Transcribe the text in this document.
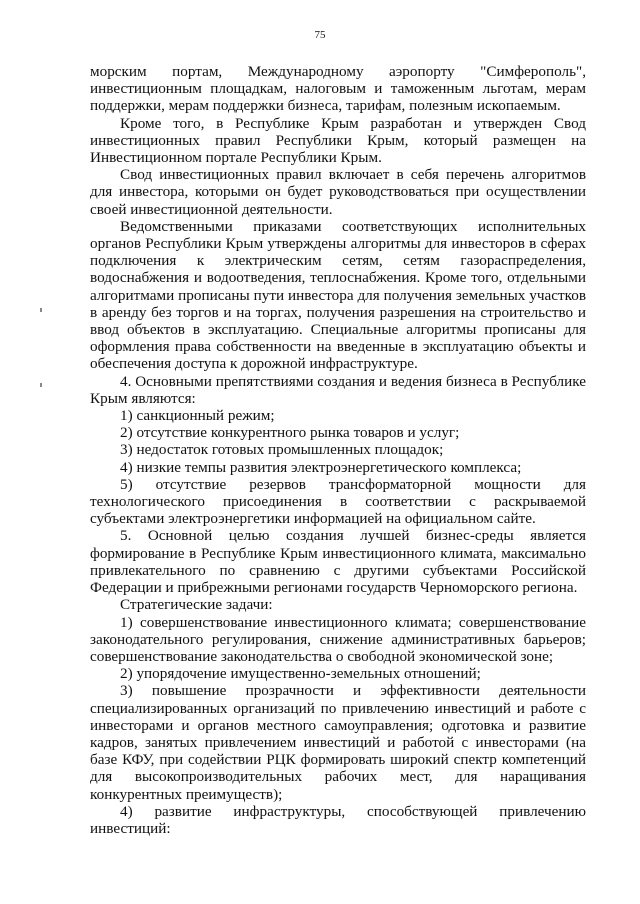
75

морским портам, Международному аэропорту "Симферополь", инвестиционным площадкам, налоговым и таможенным льготам, мерам поддержки, мерам поддержки бизнеса, тарифам, полезным ископаемым.

Кроме того, в Республике Крым разработан и утвержден Свод инвестиционных правил Республики Крым, который размещен на Инвестиционном портале Республики Крым.

Свод инвестиционных правил включает в себя перечень алгоритмов для инвестора, которыми он будет руководствоваться при осуществлении своей инвестиционной деятельности.

Ведомственными приказами соответствующих исполнительных органов Республики Крым утверждены алгоритмы для инвесторов в сферах подключения к электрическим сетям, сетям газораспределения, водоснабжения и водоотведения, теплоснабжения. Кроме того, отдельными алгоритмами прописаны пути инвестора для получения земельных участков в аренду без торгов и на торгах, получения разрешения на строительство и ввод объектов в эксплуатацию. Специальные алгоритмы прописаны для оформления права собственности на введенные в эксплуатацию объекты и обеспечения доступа к дорожной инфраструктуре.

4. Основными препятствиями создания и ведения бизнеса в Республике Крым являются:

1) санкционный режим;

2) отсутствие конкурентного рынка товаров и услуг;

3) недостаток готовых промышленных площадок;

4) низкие темпы развития электроэнергетического комплекса;

5) отсутствие резервов трансформаторной мощности для технологического присоединения в соответствии с раскрываемой субъектами электроэнергетики информацией на официальном сайте.

5. Основной целью создания лучшей бизнес-среды является формирование в Республике Крым инвестиционного климата, максимально привлекательного по сравнению с другими субъектами Российской Федерации и прибрежными регионами государств Черноморского региона.

Стратегические задачи:

1) совершенствование инвестиционного климата; совершенствование законодательного регулирования, снижение административных барьеров; совершенствование законодательства о свободной экономической зоне;

2) упорядочение имущественно-земельных отношений;

3) повышение прозрачности и эффективности деятельности специализированных организаций по привлечению инвестиций и работе с инвесторами и органов местного самоуправления; одготовка и развитие кадров, занятых привлечением инвестиций и работой с инвесторами (на базе КФУ, при содействии РЦК формировать широкий спектр компетенций для высокопроизводительных рабочих мест, для наращивания конкурентных преимуществ);

4) развитие инфраструктуры, способствующей привлечению инвестиций:
